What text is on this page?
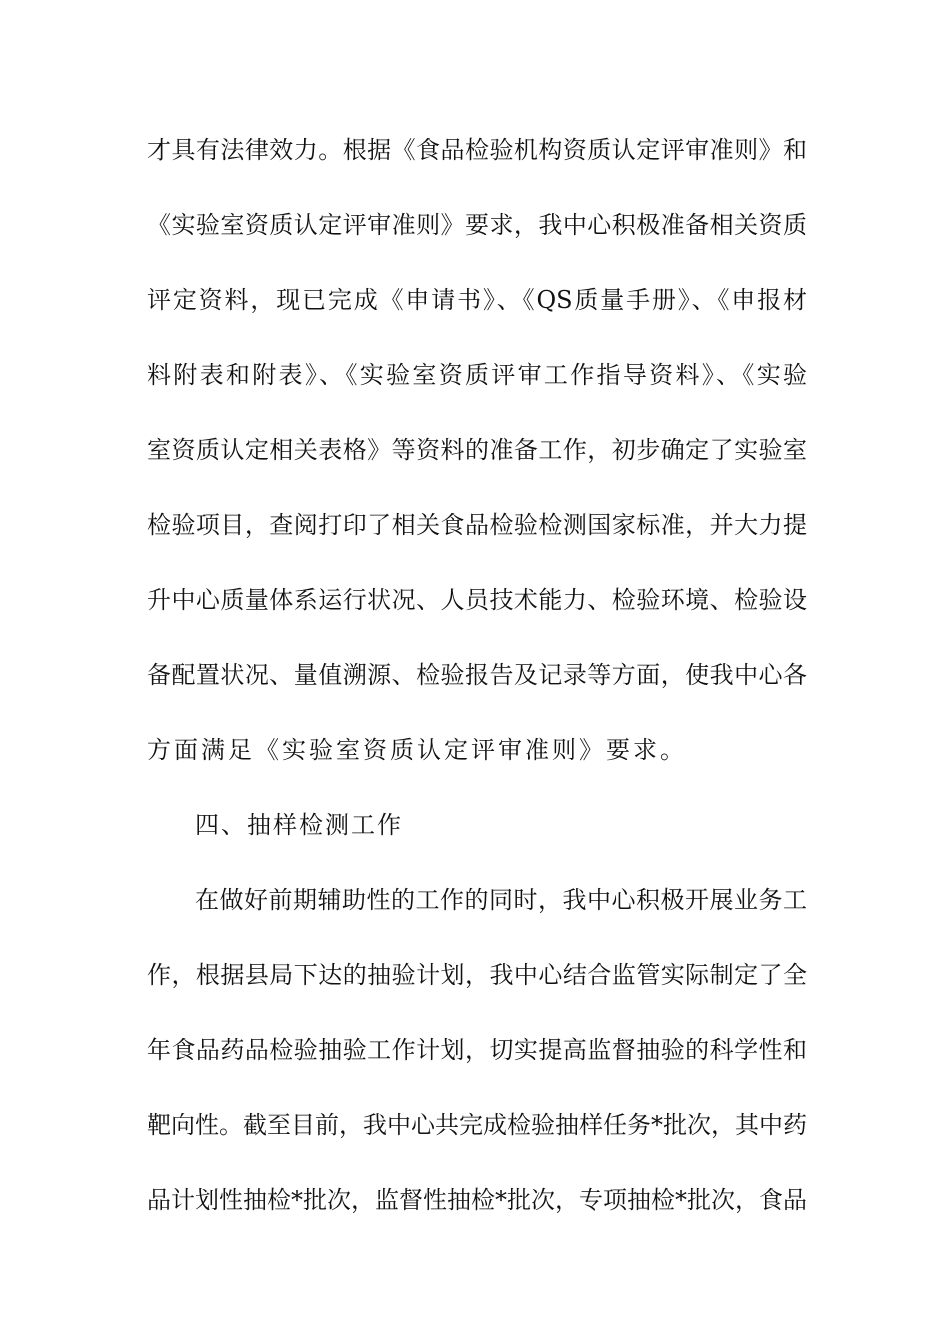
才具有法律效力。根据《食品检验机构资质认定评审准则》和
《实验室资质认定评审准则》要求，我中心积极准备相关资质
评定资料，现已完成《申请书》、《QS质量手册》、《申报材
料附表和附表》、《实验室资质评审工作指导资料》、《实验
室资质认定相关表格》等资料的准备工作，初步确定了实验室
检验项目，查阅打印了相关食品检验检测国家标准，并大力提
升中心质量体系运行状况、人员技术能力、检验环境、检验设
备配置状况、量值溯源、检验报告及记录等方面，使我中心各
方面满足《实验室资质认定评审准则》要求。
四、抽样检测工作
在做好前期辅助性的工作的同时，我中心积极开展业务工
作，根据县局下达的抽验计划，我中心结合监管实际制定了全
年食品药品检验抽验工作计划，切实提高监督抽验的科学性和
靶向性。截至目前，我中心共完成检验抽样任务*批次，其中药
品计划性抽检*批次，监督性抽检*批次，专项抽检*批次，食品
